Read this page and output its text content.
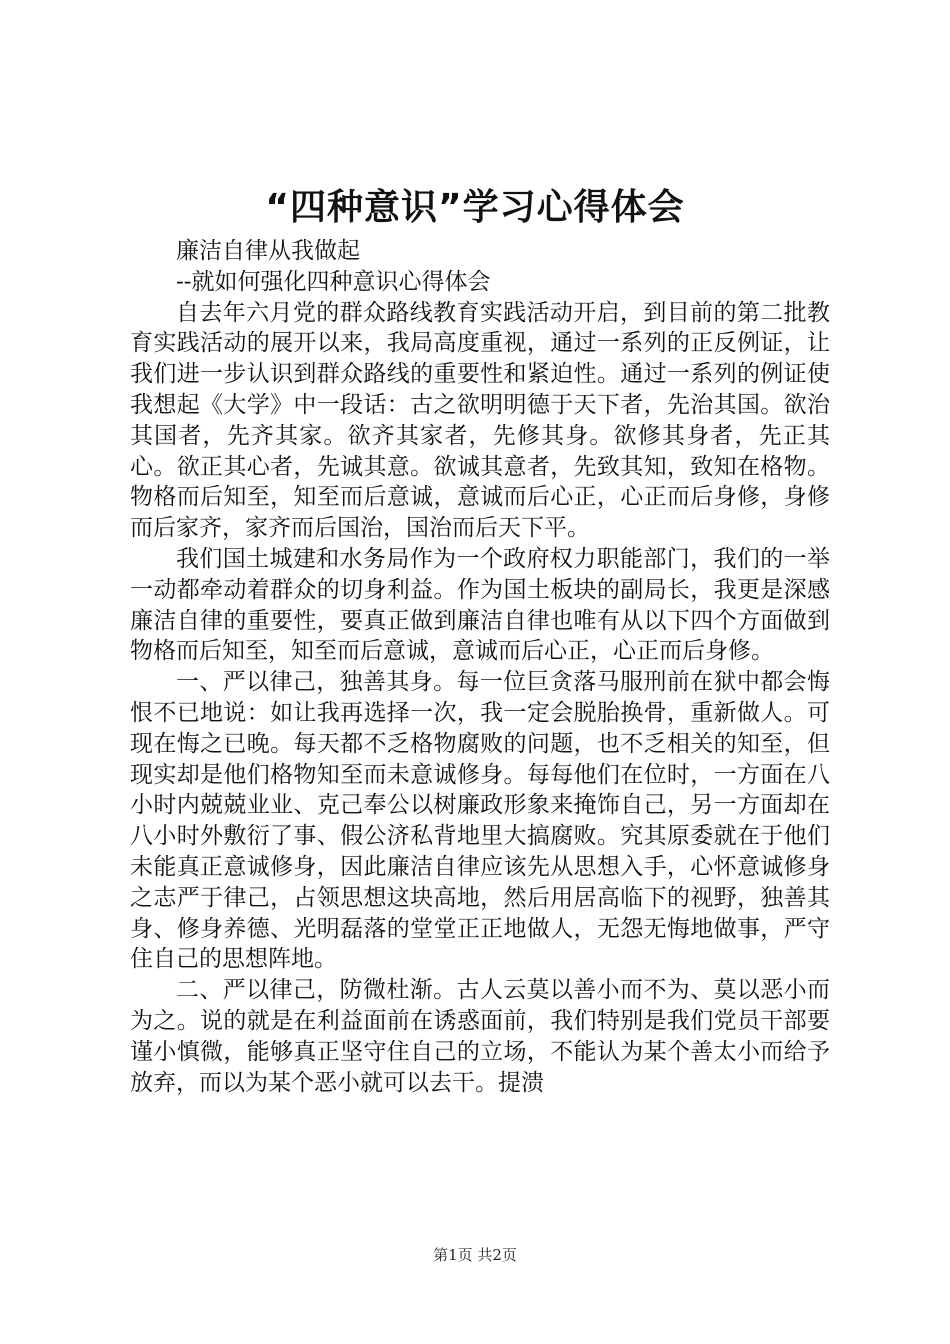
“四种意识”学习心得体会

廉洁自律从我做起

--就如何强化四种意识心得体会

自去年六月党的群众路线教育实践活动开启，到目前的第二批教育实践活动的展开以来，我局高度重视，通过一系列的正反例证，让我们进一步认识到群众路线的重要性和紧迫性。通过一系列的例证使我想起《大学》中一段话：古之欲明明德于天下者，先治其国。欲治其国者，先齐其家。欲齐其家者，先修其身。欲修其身者，先正其心。欲正其心者，先诚其意。欲诚其意者，先致其知，致知在格物。物格而后知至，知至而后意诚，意诚而后心正，心正而后身修，身修而后家齐，家齐而后国治，国治而后天下平。

我们国土城建和水务局作为一个政府权力职能部门，我们的一举一动都牵动着群众的切身利益。作为国土板块的副局长，我更是深感廉洁自律的重要性，要真正做到廉洁自律也唯有从以下四个方面做到物格而后知至，知至而后意诚，意诚而后心正，心正而后身修。

一、严以律己，独善其身。每一位巨贪落马服刑前在狱中都会悔恨不已地说：如让我再选择一次，我一定会脱胎换骨，重新做人。可现在悔之已晚。每天都不乏格物腐败的问题，也不乏相关的知至，但现实却是他们格物知至而未意诚修身。每每他们在位时，一方面在八小时内兢兢业业、克己奉公以树廉政形象来掩饰自己，另一方面却在八小时外敷衍了事、假公济私背地里大搞腐败。究其原委就在于他们未能真正意诚修身，因此廉洁自律应该先从思想入手，心怀意诚修身之志严于律己，占领思想这块高地，然后用居高临下的视野，独善其身、修身养德、光明磊落的堂堂正正地做人，无怨无悔地做事，严守住自己的思想阵地。

二、严以律己，防微杜渐。古人云莫以善小而不为、莫以恶小而为之。说的就是在利益面前在诱惑面前，我们特别是我们党员干部要谨小慎微，能够真正坚守住自己的立场，不能认为某个善太小而给予放弃，而以为某个恶小就可以去干。提溃

第1页 共2页
